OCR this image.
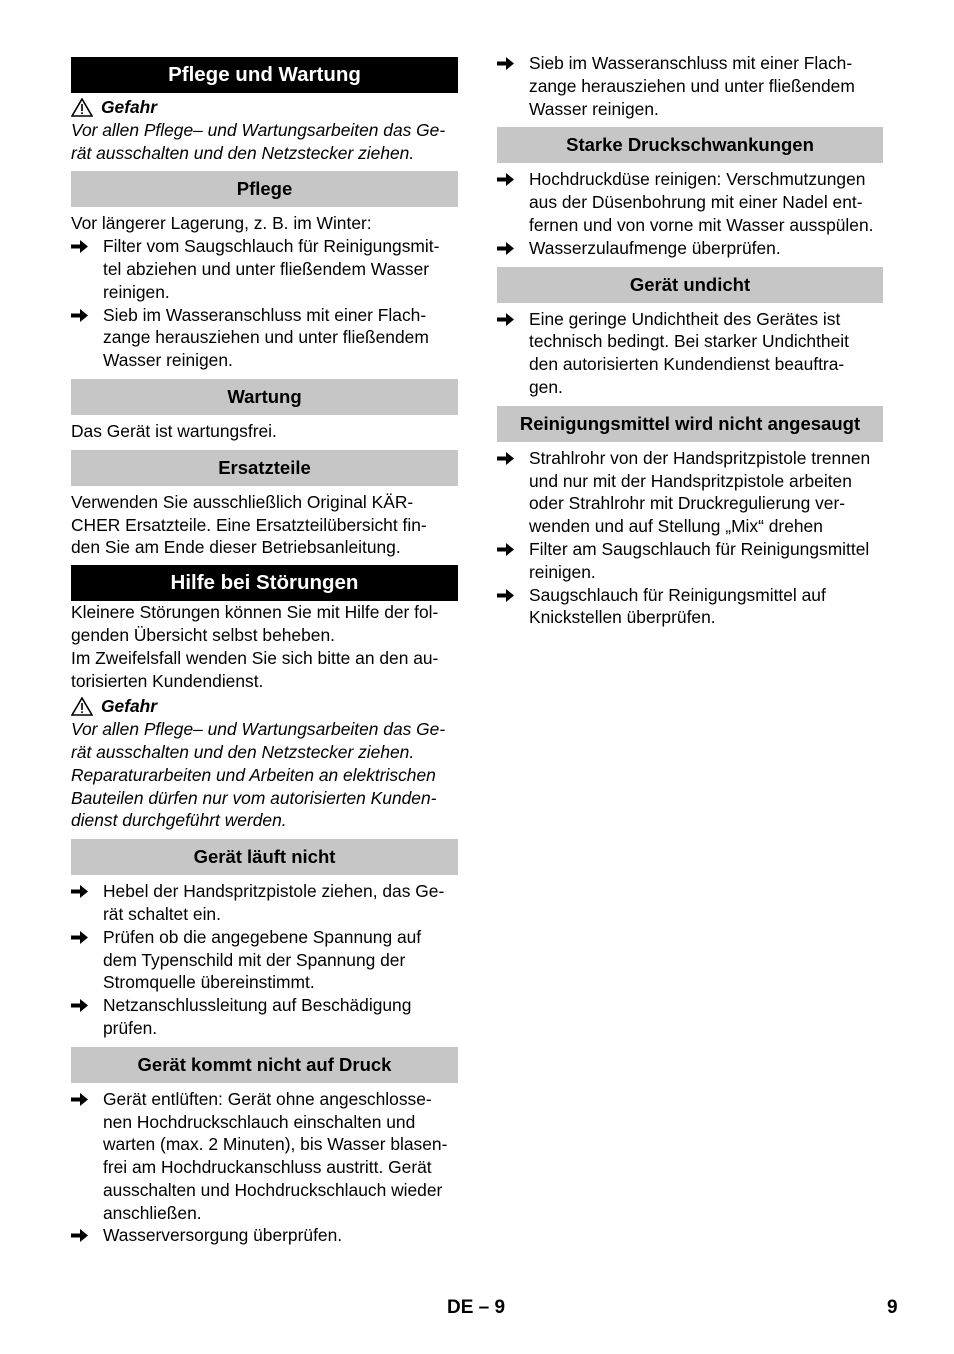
Pflege und Wartung
Gefahr

Vor allen Pflege– und Wartungsarbeiten das Ge-

rät ausschalten und den Netzstecker ziehen.

Pflege

Vor längerer Lagerung, z. B. im Winter:

Filter vom Saugschlauch für Reinigungsmit-
tel abziehen und unter fließendem Wasser
reinigen.
Sieb im Wasseranschluss mit einer Flach-
zange herausziehen und unter fließendem
Wasser reinigen.
Wartung

Das Gerät ist wartungsfrei.

Ersatzteile

Verwenden Sie ausschließlich Original KÄR-

CHER Ersatzteile. Eine Ersatzteilübersicht fin-

den Sie am Ende dieser Betriebsanleitung.

Hilfe bei Störungen

Kleinere Störungen können Sie mit Hilfe der fol-

genden Übersicht selbst beheben.

Im Zweifelsfall wenden Sie sich bitte an den au-

torisierten Kundendienst.

Gefahr

Vor allen Pflege– und Wartungsarbeiten das Ge-

rät ausschalten und den Netzstecker ziehen.

Reparaturarbeiten und Arbeiten an elektrischen

Bauteilen dürfen nur vom autorisierten Kunden-

dienst durchgeführt werden.

Gerät läuft nicht
Hebel der Handspritzpistole ziehen, das Ge-
rät schaltet ein.
Prüfen ob die angegebene Spannung auf
dem Typenschild mit der Spannung der
Stromquelle übereinstimmt.
Netzanschlussleitung auf Beschädigung
prüfen.
Gerät kommt nicht auf Druck
Gerät entlüften: Gerät ohne angeschlosse-
nen Hochdruckschlauch einschalten und
warten (max. 2 Minuten), bis Wasser blasen-
frei am Hochdruckanschluss austritt. Gerät
ausschalten und Hochdruckschlauch wieder
anschließen.
Wasserversorgung überprüfen.
Sieb im Wasseranschluss mit einer Flach-
zange herausziehen und unter fließendem
Wasser reinigen.
Starke Druckschwankungen
Hochdruckdüse reinigen: Verschmutzungen
aus der Düsenbohrung mit einer Nadel ent-
fernen und von vorne mit Wasser ausspülen.
Wasserzulaufmenge überprüfen.
Gerät undicht
Eine geringe Undichtheit des Gerätes ist
technisch bedingt. Bei starker Undichtheit
den autorisierten Kundendienst beauftra-
gen.
Reinigungsmittel wird nicht angesaugt
Strahlrohr von der Handspritzpistole trennen
und nur mit der Handspritzpistole arbeiten
oder Strahlrohr mit Druckregulierung ver-
wenden und auf Stellung „Mix“ drehen
Filter am Saugschlauch für Reinigungsmittel
reinigen.
Saugschlauch für Reinigungsmittel auf
Knickstellen überprüfen.
DE – 9	9
